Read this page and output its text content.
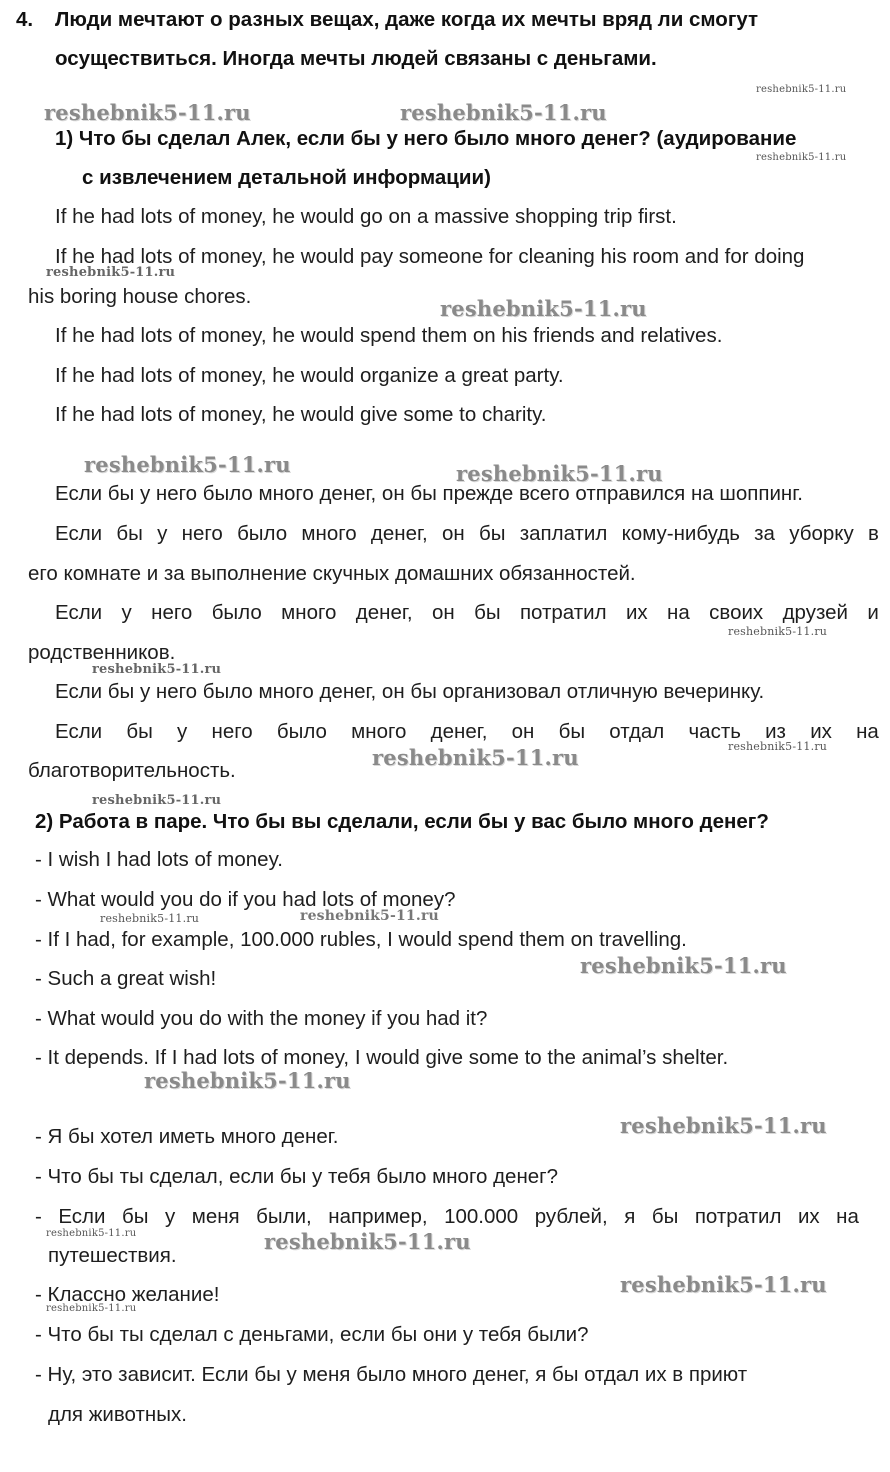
4. Люди мечтают о разных вещах, даже когда их мечты вряд ли смогут
осуществиться. Иногда мечты людей связаны с деньгами.
1) Что бы сделал Алек, если бы у него было много денег? (аудирование
с извлечением детальной информации)
If he had lots of money, he would go on a massive shopping trip first.
If he had lots of money, he would pay someone for cleaning his room and for doing
his boring house chores.
If he had lots of money, he would spend them on his friends and relatives.
If he had lots of money, he would organize a great party.
If he had lots of money, he would give some to charity.
Если бы у него было много денег, он бы прежде всего отправился на шоппинг.
Если бы у него было много денег, он бы заплатил кому-нибудь за уборку в
его комнате и за выполнение скучных домашних обязанностей.
Если у него было много денег, он бы потратил их на своих друзей и
родственников.
Если бы у него было много денег, он бы организовал отличную вечеринку.
Если бы у него было много денег, он бы отдал часть из их на
благотворительность.
2) Работа в паре. Что бы вы сделали, если бы у вас было много денег?
- I wish I had lots of money.
- What would you do if you had lots of money?
- If I had, for example, 100.000 rubles, I would spend them on travelling.
- Such a great wish!
- What would you do with the money if you had it?
- It depends. If I had lots of money, I would give some to the animal’s shelter.
- Я бы хотел иметь много денег.
- Что бы ты сделал, если бы у тебя было много денег?
- Если бы у меня были, например, 100.000 рублей, я бы потратил их на
путешествия.
- Классно желание!
- Что бы ты сделал с деньгами, если бы они у тебя были?
- Ну, это зависит. Если бы у меня было много денег, я бы отдал их в приют
для животных.
reshebnik5-11.ru	reshebnik5-11.ru
reshebnik5-11.ru
reshebnik5-11.ru
reshebnik5-11.ru
reshebnik5-11.ru
reshebnik5-11.ru	reshebnik5-11.ru
reshebnik5-11.ru
reshebnik5-11.ru
reshebnik5-11.ru
reshebnik5-11.ru
reshebnik5-11.ru
reshebnik5-11.ru	reshebnik5-11.ru
reshebnik5-11.ru
reshebnik5-11.ru
reshebnik5-11.ru
reshebnik5-11.ru	reshebnik5-11.ru
reshebnik5-11.ru
reshebnik5-11.ru
